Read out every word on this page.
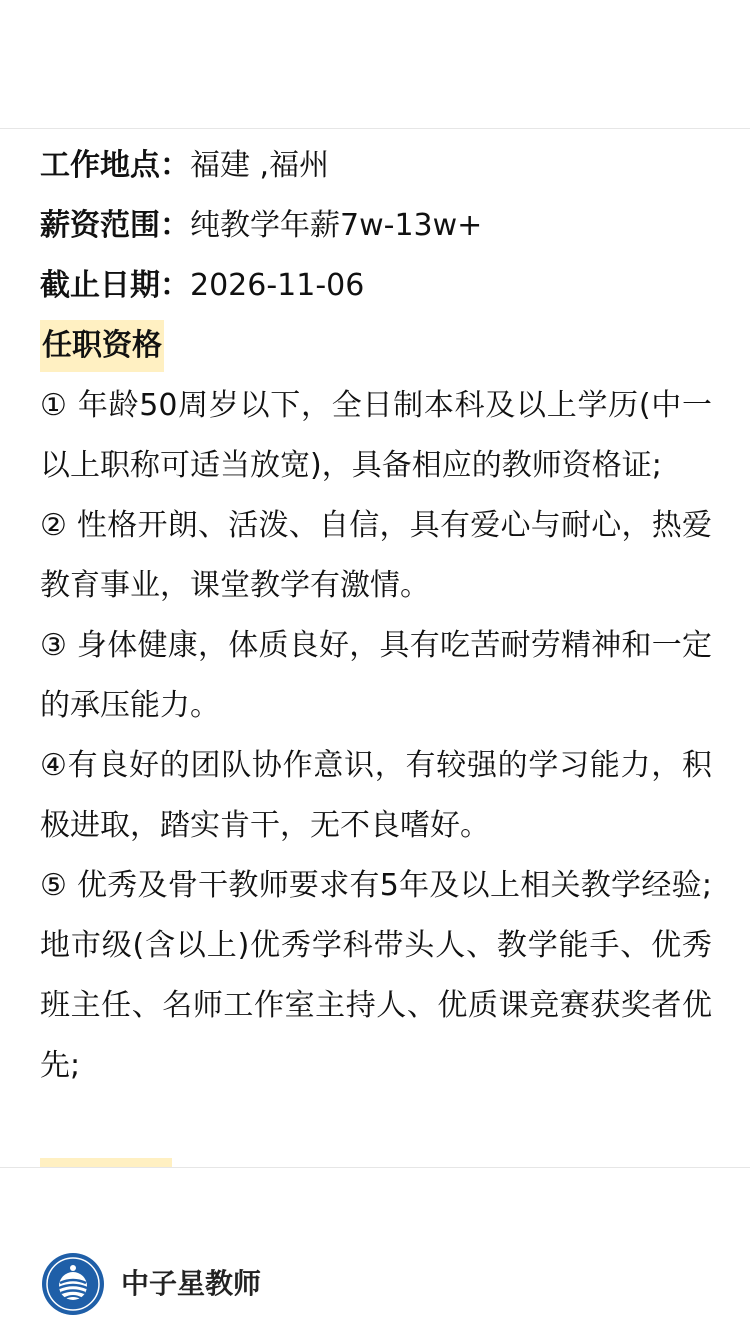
工作地点：福建 ,福州
薪资范围：纯教学年薪7w-13w+
截止日期：2026-11-06
任职资格
① 年龄50周岁以下，全日制本科及以上学历(中一以上职称可适当放宽)，具备相应的教师资格证;
② 性格开朗、活泼、自信，具有爱心与耐心，热爱教育事业，课堂教学有激情。
③ 身体健康，体质良好，具有吃苦耐劳精神和一定的承压能力。
④有良好的团队协作意识，有较强的学习能力，积极进取，踏实肯干，无不良嗜好。
⑤ 优秀及骨干教师要求有5年及以上相关教学经验;地市级(含以上)优秀学科带头人、教学能手、优秀班主任、名师工作室主持人、优质课竞赛获奖者优先;
中子星教师
